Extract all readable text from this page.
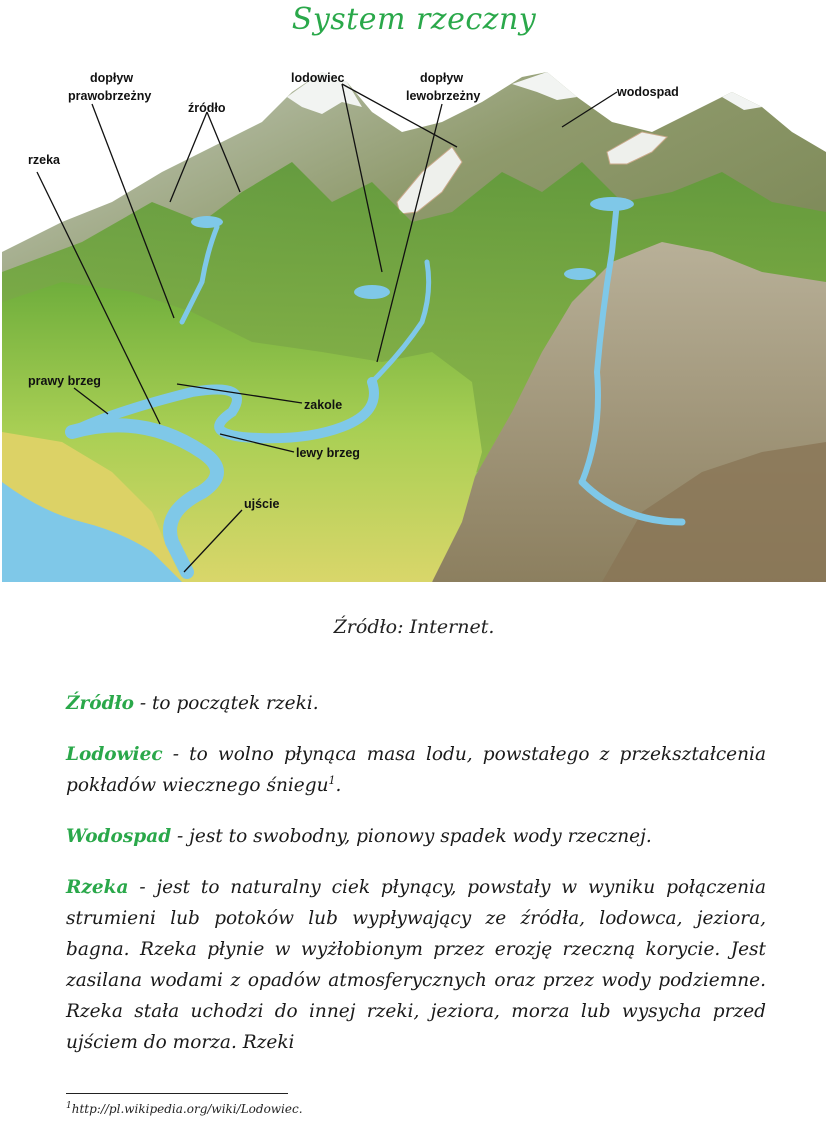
System rzeczny
dopływ
prawobrzeżny
źródło
lodowiec	dopływ
lewobrzeżny	wodospad
rzeka
prawy brzeg
zakole
lewy brzeg
ujście
Źródło: Internet.

Źródło - to początek rzeki.

Lodowiec - to wolno płynąca masa lodu, powstałego z przekształcenia pokładów wiecznego śniegu$^1$.

Wodospad - jest to swobodny, pionowy spadek wody rzecznej.

Rzeka - jest to naturalny ciek płynący, powstały w wyniku połączenia strumieni lub potoków lub wypływający ze źródła, lodowca, jeziora, bagna. Rzeka płynie w wyżłobionym przez erozję rzeczną korycie. Jest zasilana wodami z opadów atmosferycznych oraz przez wody podziemne. Rzeka stała uchodzi do innej rzeki, jeziora, morza lub wysycha przed ujściem do morza. Rzeki

$^1$http://pl.wikipedia.org/wiki/Lodowiec.
